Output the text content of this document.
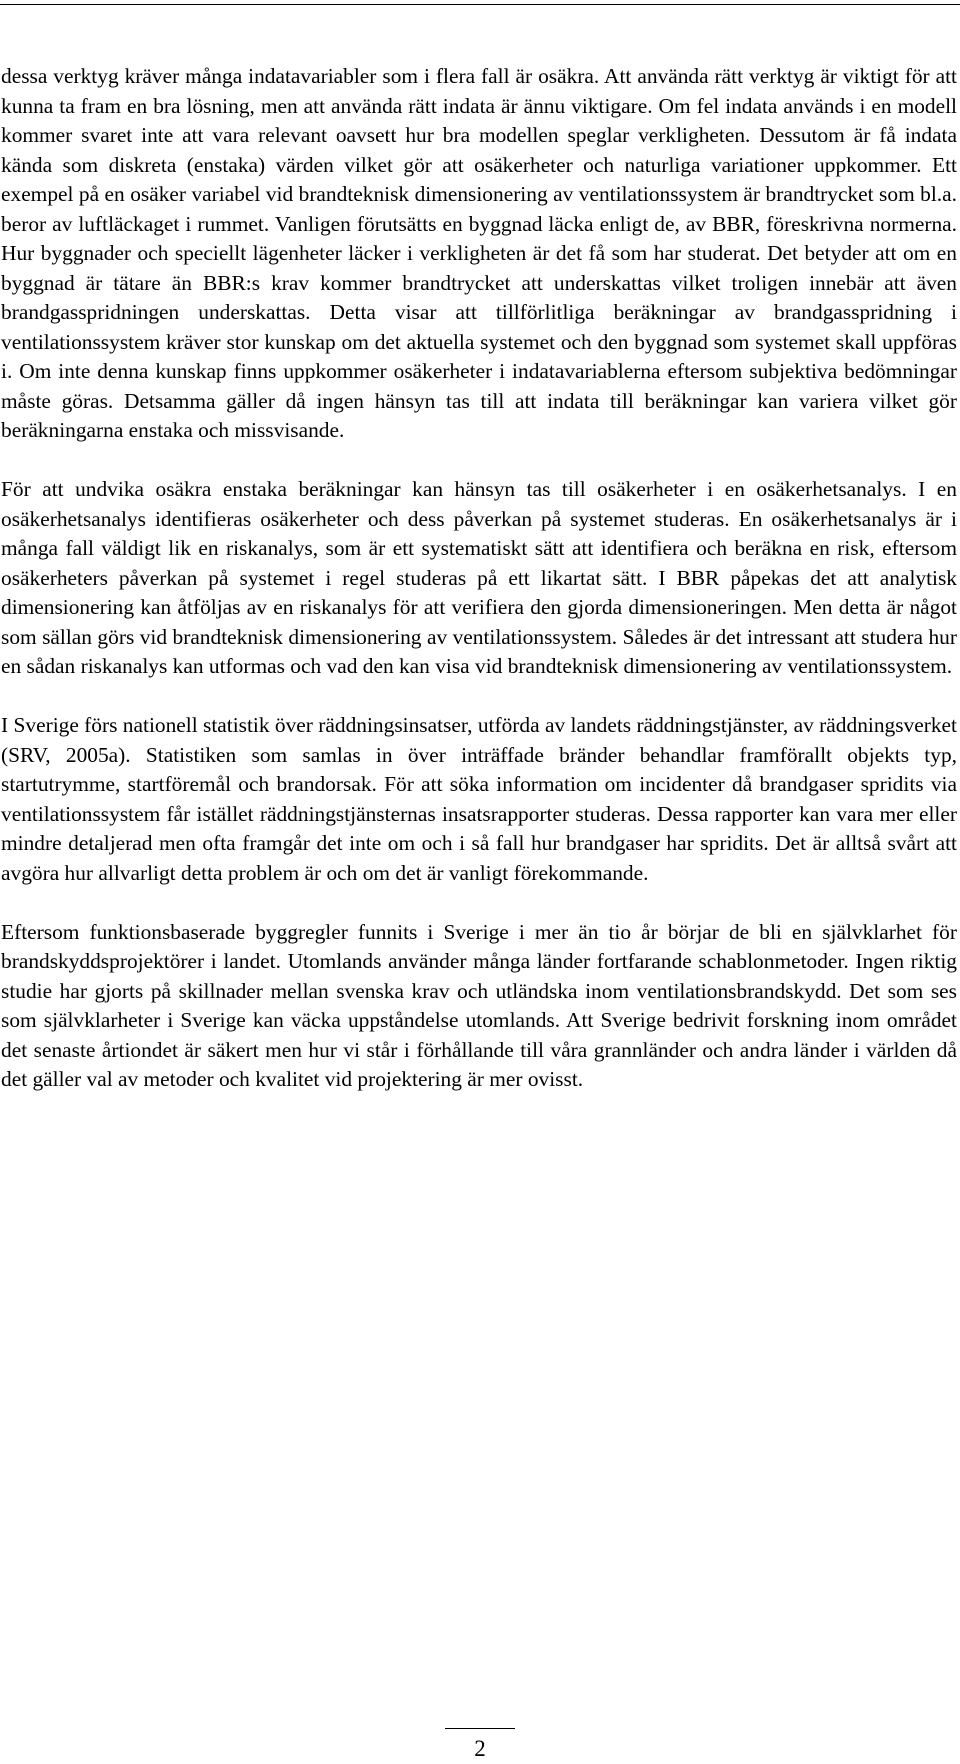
dessa verktyg kräver många indatavariabler som i flera fall är osäkra. Att använda rätt verktyg är viktigt för att kunna ta fram en bra lösning, men att använda rätt indata är ännu viktigare. Om fel indata används i en modell kommer svaret inte att vara relevant oavsett hur bra modellen speglar verkligheten. Dessutom är få indata kända som diskreta (enstaka) värden vilket gör att osäkerheter och naturliga variationer uppkommer. Ett exempel på en osäker variabel vid brandteknisk dimensionering av ventilationssystem är brandtrycket som bl.a. beror av luftläckaget i rummet. Vanligen förutsätts en byggnad läcka enligt de, av BBR, föreskrivna normerna. Hur byggnader och speciellt lägenheter läcker i verkligheten är det få som har studerat. Det betyder att om en byggnad är tätare än BBR:s krav kommer brandtrycket att underskattas vilket troligen innebär att även brandgasspridningen underskattas. Detta visar att tillförlitliga beräkningar av brandgasspridning i ventilationssystem kräver stor kunskap om det aktuella systemet och den byggnad som systemet skall uppföras i. Om inte denna kunskap finns uppkommer osäkerheter i indatavariablerna eftersom subjektiva bedömningar måste göras. Detsamma gäller då ingen hänsyn tas till att indata till beräkningar kan variera vilket gör beräkningarna enstaka och missvisande.

För att undvika osäkra enstaka beräkningar kan hänsyn tas till osäkerheter i en osäkerhetsanalys. I en osäkerhetsanalys identifieras osäkerheter och dess påverkan på systemet studeras. En osäkerhetsanalys är i många fall väldigt lik en riskanalys, som är ett systematiskt sätt att identifiera och beräkna en risk, eftersom osäkerheters påverkan på systemet i regel studeras på ett likartat sätt. I BBR påpekas det att analytisk dimensionering kan åtföljas av en riskanalys för att verifiera den gjorda dimensioneringen. Men detta är något som sällan görs vid brandteknisk dimensionering av ventilationssystem. Således är det intressant att studera hur en sådan riskanalys kan utformas och vad den kan visa vid brandteknisk dimensionering av ventilationssystem.

I Sverige förs nationell statistik över räddningsinsatser, utförda av landets räddningstjänster, av räddningsverket (SRV, 2005a). Statistiken som samlas in över inträffade bränder behandlar framförallt objekts typ, startutrymme, startföremål och brandorsak. För att söka information om incidenter då brandgaser spridits via ventilationssystem får istället räddningstjänsternas insatsrapporter studeras. Dessa rapporter kan vara mer eller mindre detaljerad men ofta framgår det inte om och i så fall hur brandgaser har spridits. Det är alltså svårt att avgöra hur allvarligt detta problem är och om det är vanligt förekommande.

Eftersom funktionsbaserade byggregler funnits i Sverige i mer än tio år börjar de bli en självklarhet för brandskyddsprojektörer i landet. Utomlands använder många länder fortfarande schablonmetoder. Ingen riktig studie har gjorts på skillnader mellan svenska krav och utländska inom ventilationsbrandskydd. Det som ses som självklarheter i Sverige kan väcka uppståndelse utomlands. Att Sverige bedrivit forskning inom området det senaste årtiondet är säkert men hur vi står i förhållande till våra grannländer och andra länder i världen då det gäller val av metoder och kvalitet vid projektering är mer ovisst.

2
